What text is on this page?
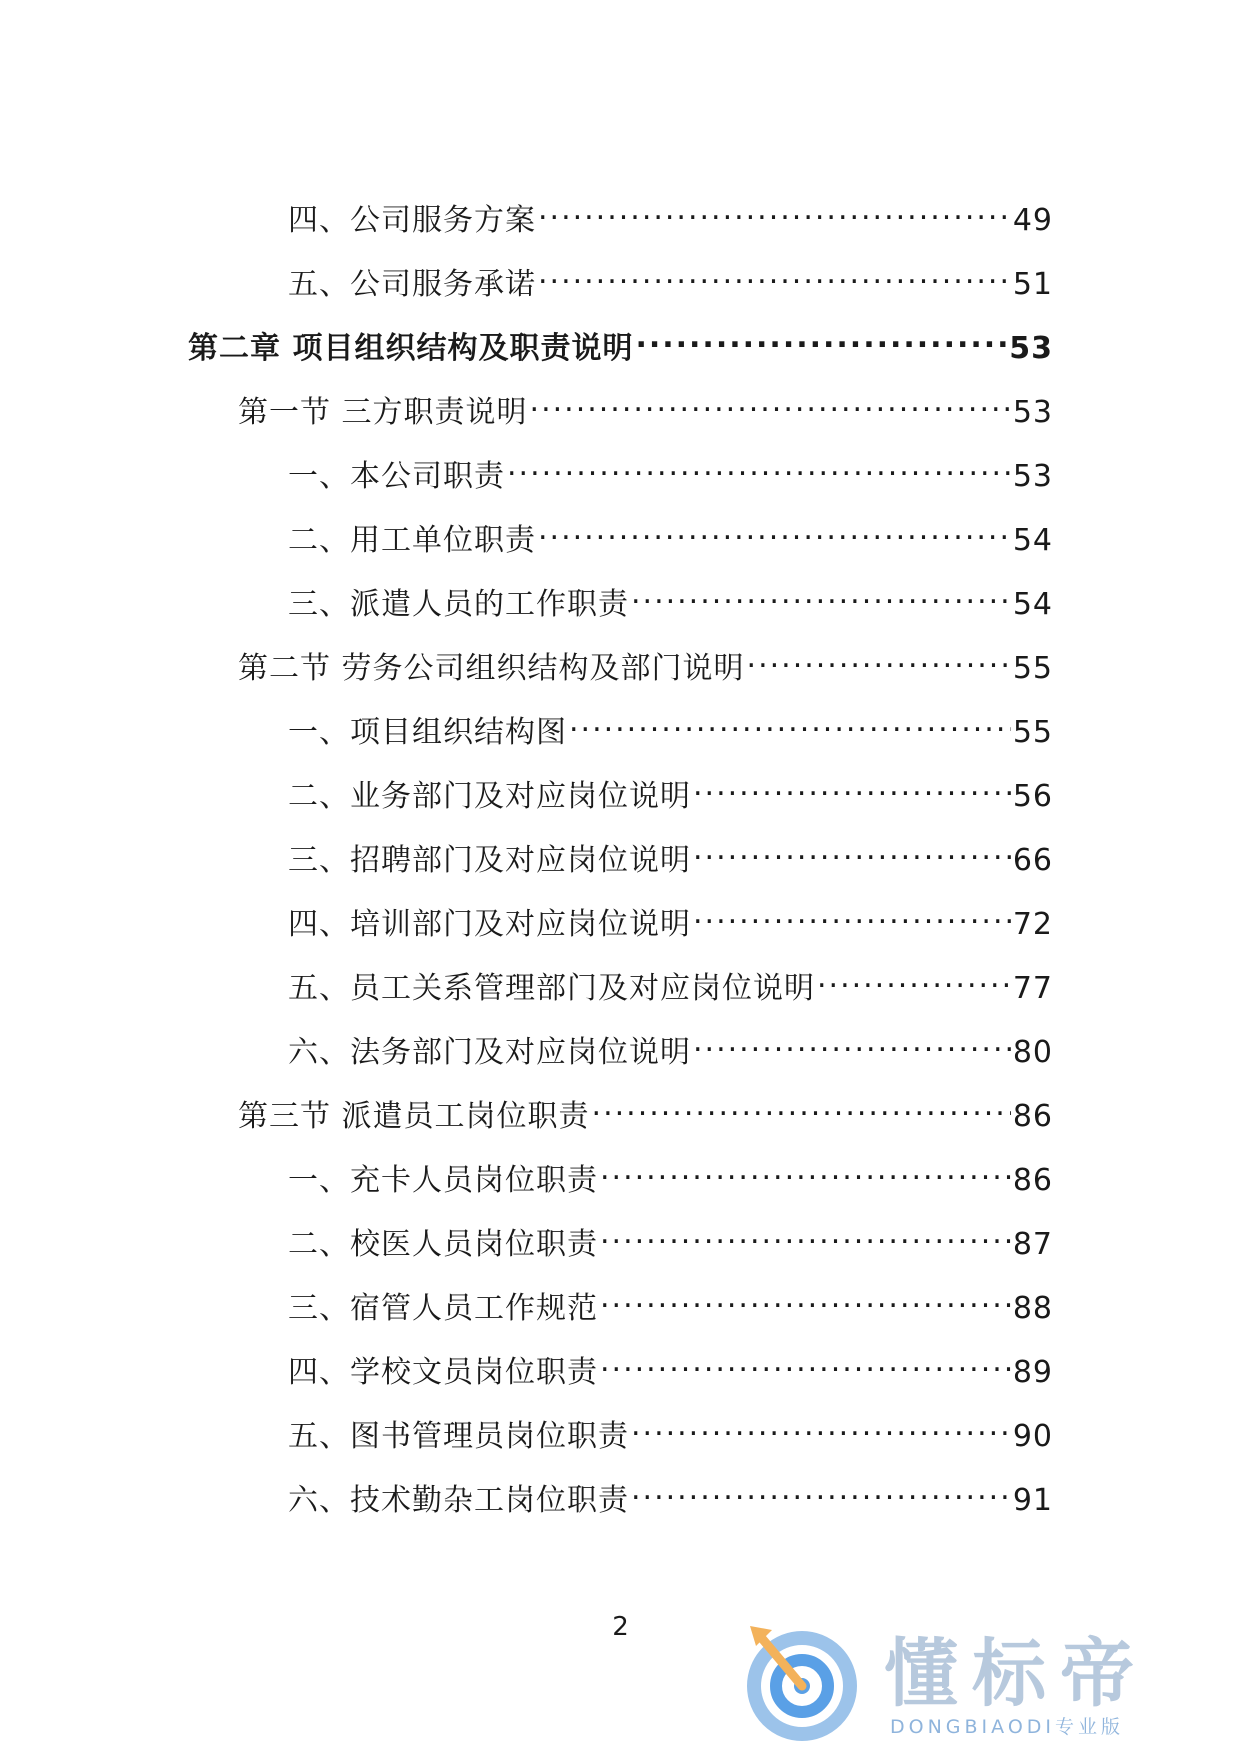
四、公司服务方案 .....	49
五、公司服务承诺 .....	51
第二章 项目组织结构及职责说明 .....	53
第一节 三方职责说明 .....	53
一、本公司职责 .....	53
二、用工单位职责 .....	54
三、派遣人员的工作职责 .....	54
第二节 劳务公司组织结构及部门说明 .....	55
一、项目组织结构图 .....	55
二、业务部门及对应岗位说明 .....	56
三、招聘部门及对应岗位说明 .....	66
四、培训部门及对应岗位说明 .....	72
五、员工关系管理部门及对应岗位说明 .....	77
六、法务部门及对应岗位说明 .....	80
第三节 派遣员工岗位职责 .....	86
一、充卡人员岗位职责 .....	86
二、校医人员岗位职责 .....	87
三、宿管人员工作规范 .....	88
四、学校文员岗位职责 .....	89
五、图书管理员岗位职责 .....	90
六、技术勤杂工岗位职责 .....	91
2
懂标帝
DONGBIAODI专业版
